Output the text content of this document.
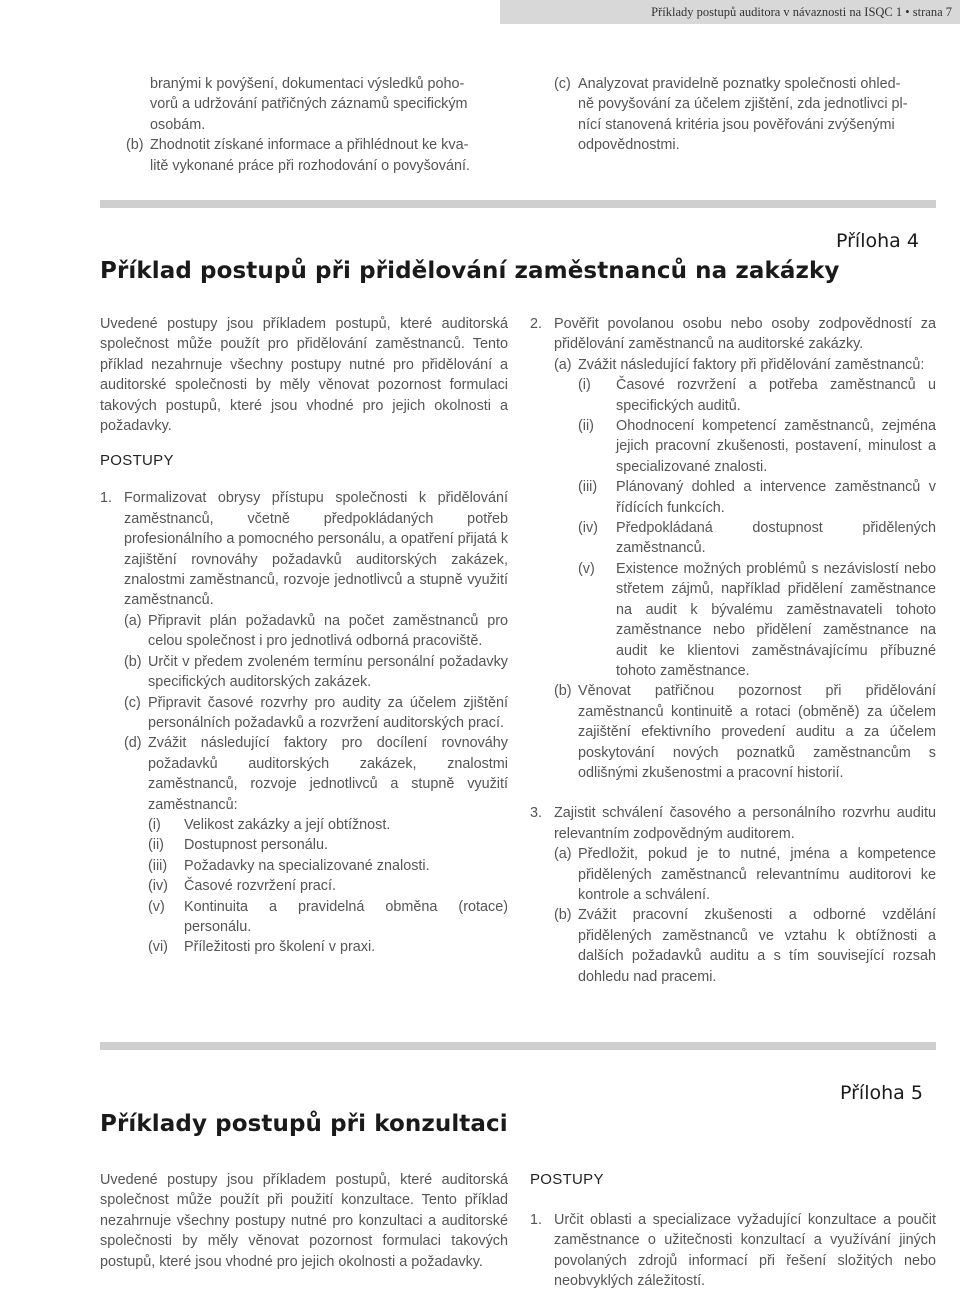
Příklady postupů auditora v návaznosti na ISQC 1 • strana 7
branými k povýšení, dokumentaci výsledků poho-
vorů a udržování patřičných záznamů specifickým
osobám.
(b) Zhodnotit získané informace a přihlédnout ke kva-
litě vykonané práce při rozhodování o povyšování.
(c) Analyzovat pravidelně poznatky společnosti ohled-
ně povyšování za účelem zjištění, zda jednotlivci pl-
nící stanovená kritéria jsou pověřováni zvýšenými
odpovědnostmi.
Příloha 4
Příklad postupů při přidělování zaměstnanců na zakázky
Uvedené postupy jsou příkladem postupů, které auditorská společnost může použít pro přidělování zaměstnanců. Tento příklad nezahrnuje všechny postupy nutné pro přidělování a auditorské společnosti by měly věnovat pozornost formulaci takových postupů, které jsou vhodné pro jejich okolnosti a požadavky.
POSTUPY
1. Formalizovat obrysy přístupu společnosti k přidělování zaměstnanců, včetně předpokládaných potřeb profesionálního a pomocného personálu, a opatření přijatá k zajištění rovnováhy požadavků auditorských zakázek, znalostmi zaměstnanců, rozvoje jednotlivců a stupně využití zaměstnanců.
(a) Připravit plán požadavků na počet zaměstnanců pro celou společnost i pro jednotlivá odborná pracoviště.
(b) Určit v předem zvoleném termínu personální požadavky specifických auditorských zakázek.
(c) Připravit časové rozvrhy pro audity za účelem zjištění personálních požadavků a rozvržení auditorských prací.
(d) Zvážit následující faktory pro docílení rovnováhy požadavků auditorských zakázek, znalostmi zaměstnanců, rozvoje jednotlivců a stupně využití zaměstnanců:
(i) Velikost zakázky a její obtížnost.
(ii) Dostupnost personálu.
(iii) Požadavky na specializované znalosti.
(iv) Časové rozvržení prací.
(v) Kontinuita a pravidelná obměna (rotace) personálu.
(vi) Příležitosti pro školení v praxi.
2. Pověřit povolanou osobu nebo osoby zodpovědností za přidělování zaměstnanců na auditorské zakázky.
(a) Zvážit následující faktory při přidělování zaměstnanců:
(i) Časové rozvržení a potřeba zaměstnanců u specifických auditů.
(ii) Ohodnocení kompetencí zaměstnanců, zejména jejich pracovní zkušenosti, postavení, minulost a specializované znalosti.
(iii) Plánovaný dohled a intervence zaměstnanců v řídících funkcích.
(iv) Předpokládaná dostupnost přidělených zaměstnanců.
(v) Existence možných problémů s nezávislostí nebo střetem zájmů, například přidělení zaměstnance na audit k bývalému zaměstnavateli tohoto zaměstnance nebo přidělení zaměstnance na audit ke klientovi zaměstnávajícímu příbuzné tohoto zaměstnance.
(b) Věnovat patřičnou pozornost při přidělování zaměstnanců kontinuitě a rotaci (obměně) za účelem zajištění efektivního provedení auditu a za účelem poskytování nových poznatků zaměstnancům s odlišnými zkušenostmi a pracovní historií.
3. Zajistit schválení časového a personálního rozvrhu auditu relevantním zodpovědným auditorem.
(a) Předložit, pokud je to nutné, jména a kompetence přidělených zaměstnanců relevantnímu auditorovi ke kontrole a schválení.
(b) Zvážit pracovní zkušenosti a odborné vzdělání přidělených zaměstnanců ve vztahu k obtížnosti a dalších požadavků auditu a s tím související rozsah dohledu nad pracemi.
Příloha 5
Příklady postupů při konzultaci
Uvedené postupy jsou příkladem postupů, které auditorská společnost může použít při použití konzultace. Tento příklad nezahrnuje všechny postupy nutné pro konzultaci a auditorské společnosti by měly věnovat pozornost formulaci takových postupů, které jsou vhodné pro jejich okolnosti a požadavky.
POSTUPY
1. Určit oblasti a specializace vyžadující konzultace a poučit zaměstnance o užitečnosti konzultací a využívání jiných povolaných zdrojů informací při řešení složitých nebo neobvyklých záležitostí.
